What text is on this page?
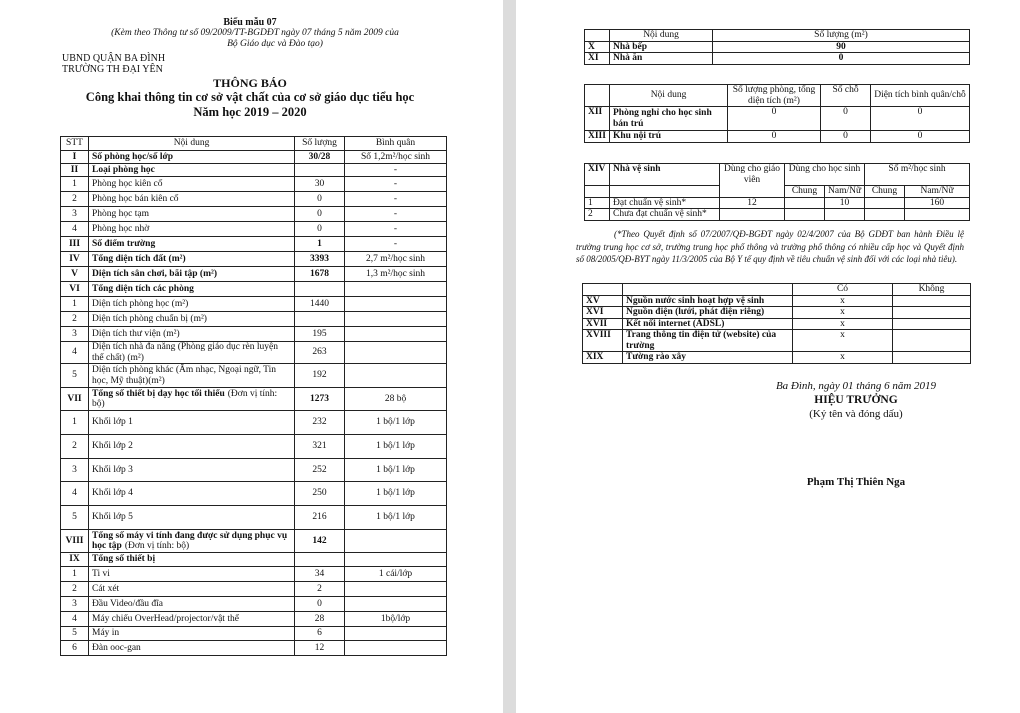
Biểu mẫu 07
(Kèm theo Thông tư số 09/2009/TT-BGDĐT ngày 07 tháng 5 năm 2009 của
Bộ Giáo dục và Đào tạo)
UBND QUẬN BA ĐÌNH
TRƯỜNG TH ĐẠI YÊN
THÔNG BÁO
Công khai thông tin cơ sở vật chất của cơ sở giáo dục tiểu học
Năm học 2019 – 2020
STT	Nội dung	Số lượng	Bình quân
I	Số phòng học/số lớp	30/28	Số 1,2m²/học sinh
II	Loại phòng học		-
1	Phòng học kiên cố	30	-
2	Phòng học bán kiên cố	0	-
3	Phòng học tạm	0	-
4	Phòng học nhờ	0	-
III	Số điểm trường	1	-
IV	Tổng diện tích đất (m²)	3393	2,7 m²/học sinh
V	Diện tích sân chơi, bãi tập (m²)	1678	1,3 m²/học sinh
VI	Tổng diện tích các phòng		
1	Diện tích phòng học (m²)	1440	
2	Diện tích phòng chuẩn bị (m²)		
3	Diện tích thư viện (m²)	195	
4	Diện tích nhà đa năng (Phòng giáo dục rèn luyện thể chất) (m²)	263	
5	Diện tích phòng khác (Âm nhạc, Ngoại ngữ, Tin học, Mỹ thuật)(m²)	192	
VII	Tổng số thiết bị dạy học tối thiểu (Đơn vị tính: bộ)	1273	28 bộ
1	Khối lớp 1	232	1 bộ/1 lớp
2	Khối lớp 2	321	1 bộ/1 lớp
3	Khối lớp 3	252	1 bộ/1 lớp
4	Khối lớp 4	250	1 bộ/1 lớp
5	Khối lớp 5	216	1 bộ/1 lớp
VIII	Tổng số máy vi tính đang được sử dụng phục vụ học tập (Đơn vị tính: bộ)	142	
IX	Tổng số thiết bị		
1	Ti vi	34	1 cái/lớp
2	Cát xét	2	
3	Đầu Video/đầu đĩa	0	
4	Máy chiếu OverHead/projector/vật thể	28	1bộ/lớp
5	Máy in	6	
6	Đàn ooc-gan	12	
	Nội dung	Số lượng (m²)
X	Nhà bếp	90
XI	Nhà ăn	0
	Nội dung	Số lượng phòng, tổng diện tích (m²)	Số chỗ	Diện tích bình quân/chỗ
XII	Phòng nghỉ cho học sinh bán trú	0	0	0
XIII	Khu nội trú	0	0	0
XIV	Nhà vệ sinh	Dùng cho giáo viên	Dùng cho học sinh		Số m²/học sinh	
			Chung	Nam/Nữ	Chung	Nam/Nữ
1	Đạt chuẩn vệ sinh*	12		10		160
2	Chưa đạt chuẩn vệ sinh*					
(*Theo Quyết định số 07/2007/QĐ-BGĐT ngày 02/4/2007 của Bộ GDĐT ban hành Điều lệ trường trung học cơ sở, trường trung học phổ thông và trường phổ thông có nhiều cấp học và Quyết định số 08/2005/QĐ-BYT ngày 11/3/2005 của Bộ Y tế quy định về tiêu chuẩn vệ sinh đối với các loại nhà tiêu).
		Có	Không
XV	Nguồn nước sinh hoạt hợp vệ sinh	x	
XVI	Nguồn điện (lưới, phát điện riêng)	x	
XVII	Kết nối internet (ADSL)	x	
XVIII	Trang thông tin điện tử (website) của trường	x	
XIX	Tường rào xây	x	
Ba Đình, ngày 01 tháng 6 năm 2019
HIỆU TRƯỞNG
(Ký tên và đóng dấu)
Phạm Thị Thiên Nga
